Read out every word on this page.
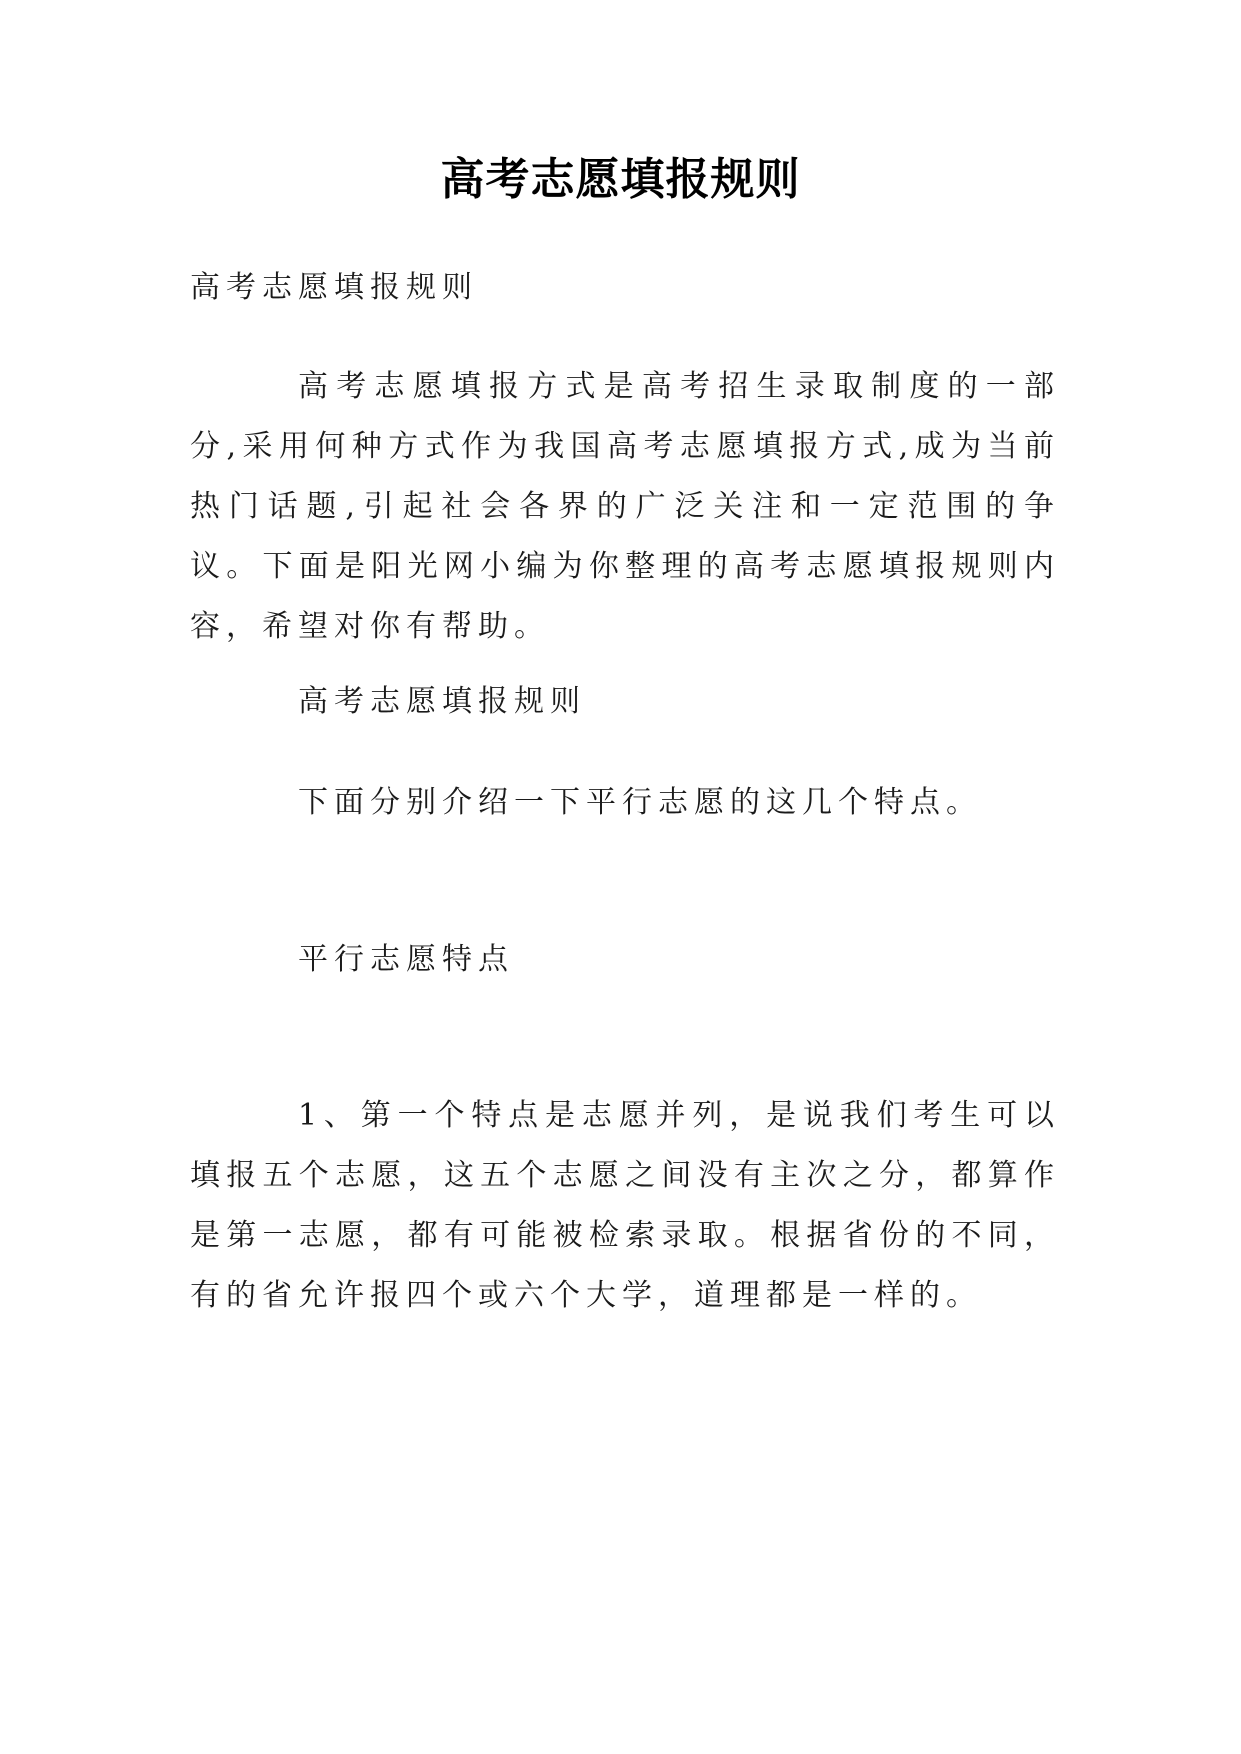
高考志愿填报规则
高考志愿填报规则
高考志愿填报方式是高考招生录取制度的一部分,采用何种方式作为我国高考志愿填报方式,成为当前热门话题,引起社会各界的广泛关注和一定范围的争议。下面是阳光网小编为你整理的高考志愿填报规则内容，希望对你有帮助。
高考志愿填报规则
下面分别介绍一下平行志愿的这几个特点。
平行志愿特点
1、第一个特点是志愿并列，是说我们考生可以填报五个志愿，这五个志愿之间没有主次之分，都算作是第一志愿，都有可能被检索录取。根据省份的不同，有的省允许报四个或六个大学，道理都是一样的。
